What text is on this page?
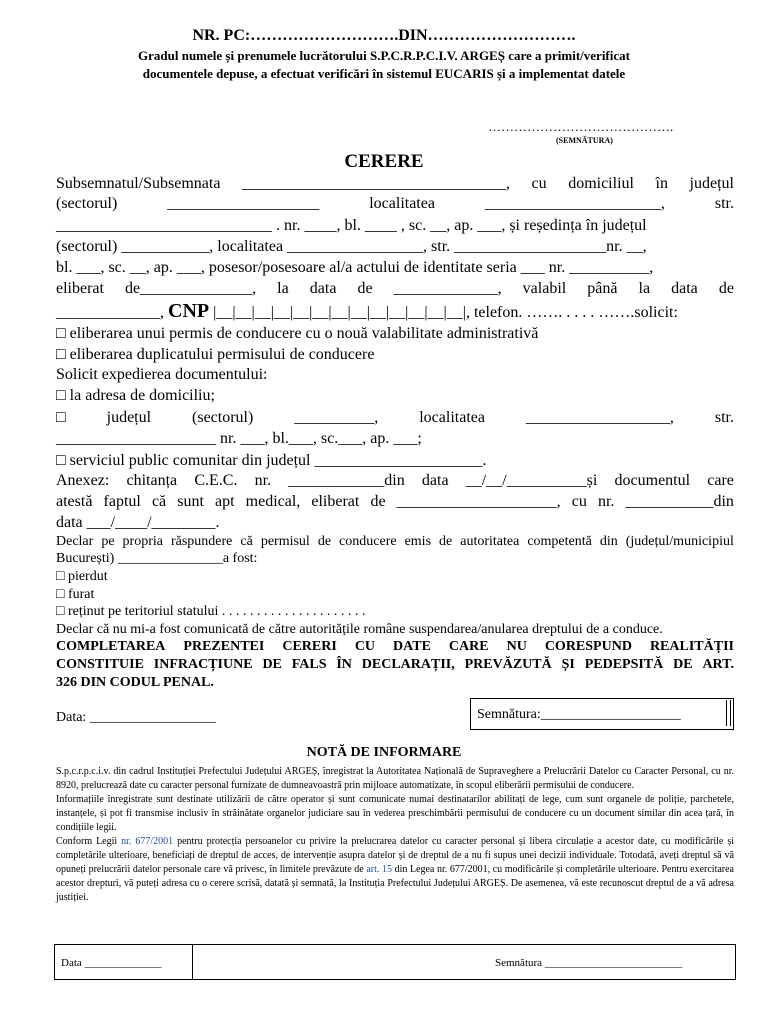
NR. PC:……………………….DIN……………………….
Gradul numele și prenumele lucrătorului S.P.C.R.P.C.I.V. ARGEȘ care a primit/verificat
documentele depuse, a efectuat verificări în sistemul EUCARIS și a implementat datele
…………………………………….
(SEMNĂTURA)
CERERE
Subsemnatul/Subsemnata _________________________________, cu domiciliul în județul
(sectorul)	___________________	localitatea	______________________,	str.
___________________________ . nr. ____, bl. ____ , sc. __, ap. ___, și reședința în județul
(sectorul) ___________, localitatea _________________, str. ___________________nr. __,
bl. ___, sc. __, ap. ___, posesor/posesoare al/a actului de identitate seria ___ nr. __________,
eliberat de______________, la data de _____________, valabil până la data de
_____________, CNP |__|__|__|__|__|__|__|__|__|__|__|__|__|, telefon. ……. . . . . …….solicit:
□ eliberarea unui permis de conducere cu o nouă valabilitate administrativă
□ eliberarea duplicatului permisului de conducere
Solicit expedierea documentului:
□ la adresa de domiciliu;
□	județul	(sectorul)	__________,	localitatea	__________________,	str.
____________________ nr. ___, bl.___, sc.___, ap. ___;
□ serviciul public comunitar din județul _____________________.
Anexez: chitanța C.E.C. nr. ____________din data __/__/__________și documentul care
atestă faptul că sunt apt medical, eliberat de ____________________, cu nr. ___________din
data ___/____/________.
Declar pe propria răspundere că permisul de conducere emis de autoritatea competentă din (județul/municipiul
București) _______________a fost:
□ pierdut
□ furat
□ reținut pe teritoriul statului . . . . . . . . . . . . . . . . . . . . .
Declar că nu mi-a fost comunicată de către autoritățile române suspendarea/anularea dreptului de a conduce.
COMPLETAREA PREZENTEI CERERI CU DATE CARE NU CORESPUND REALITĂȚII
CONSTITUIE INFRACȚIUNE DE FALS ÎN DECLARAȚII, PREVĂZUTĂ ȘI PEDEPSITĂ DE ART.
326 DIN CODUL PENAL.
Data: __________________	Semnătura:____________________
NOTĂ DE INFORMARE

S.p.c.r.p.c.i.v. din cadrul Instituției Prefectului Județului ARGEȘ, înregistrat la Autoritatea Națională de Supraveghere a Prelucrării Datelor cu Caracter Personal, cu nr. 8920, prelucrează date cu caracter personal furnizate de dumneavoastră prin mijloace automatizate, în scopul eliberării permisului de conducere.

Informațiile înregistrate sunt destinate utilizării de către operator și sunt comunicate numai destinatarilor abilitați de lege, cum sunt organele de poliție, parchetele, instanțele, și pot fi transmise inclusiv în străinătate organelor judiciare sau în vederea preschimbării permisului de conducere cu un document similar din acea țară, în condițiile legii.

Conform Legii nr. 677/2001 pentru protecția persoanelor cu privire la prelucrarea datelor cu caracter personal și libera circulație a acestor date, cu modificările și completările ulterioare, beneficiați de dreptul de acces, de intervenție asupra datelor și de dreptul de a nu fi supus unei decizii individuale. Totodată, aveți dreptul să vă opuneți prelucrării datelor personale care vă privesc, în limitele prevăzute de art. 15 din Legea nr. 677/2001, cu modificările și completările ulterioare. Pentru exercitarea acestor drepturi, vă puteți adresa cu o cerere scrisă, datată și semnată, la Instituția Prefectului Județului ARGEȘ. De asemenea, vă este recunoscut dreptul de a vă adresa justiției.

Data ______________	Semnătura _________________________
